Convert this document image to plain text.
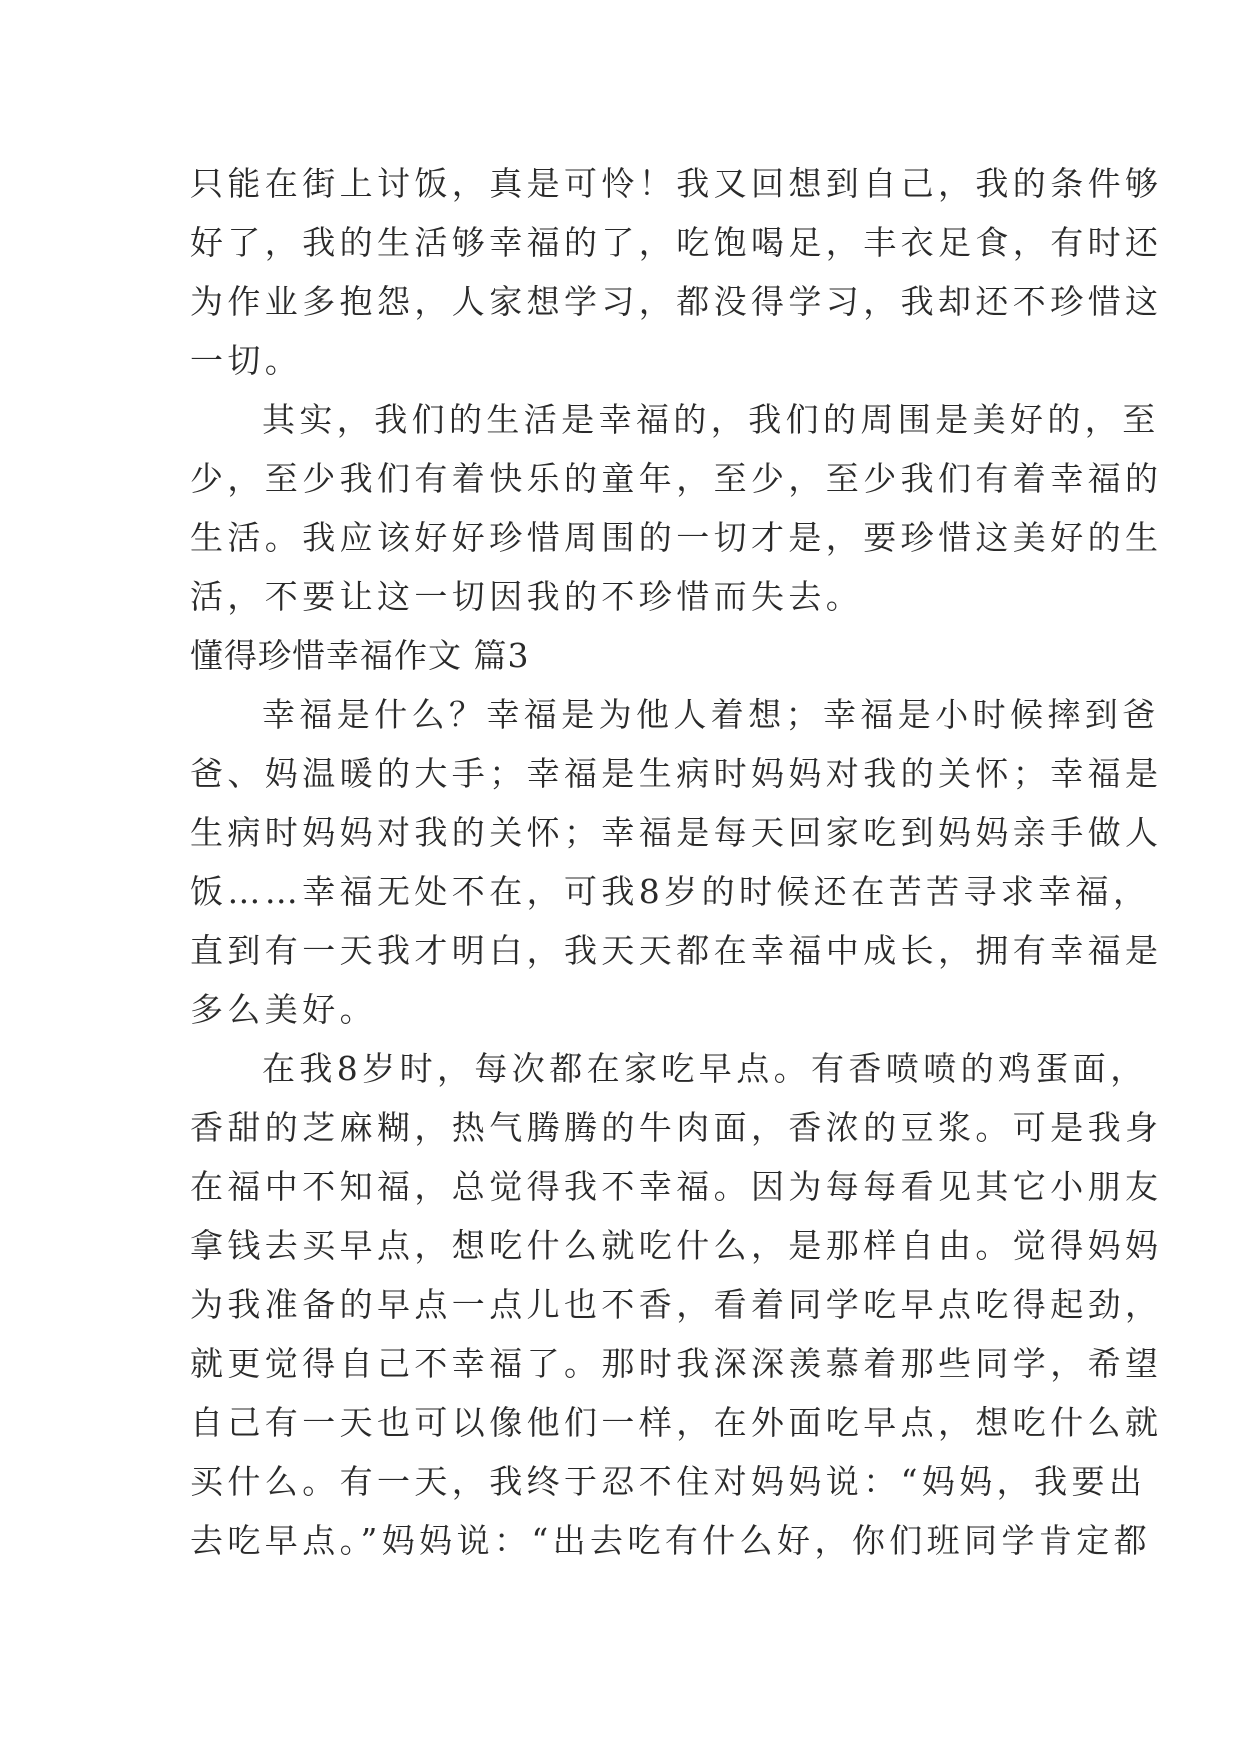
只能在街上讨饭，真是可怜！我又回想到自己，我的条件够
好了，我的生活够幸福的了，吃饱喝足，丰衣足食，有时还
为作业多抱怨，人家想学习，都没得学习，我却还不珍惜这
一切。
其实，我们的生活是幸福的，我们的周围是美好的，至
少，至少我们有着快乐的童年，至少，至少我们有着幸福的
生活。我应该好好珍惜周围的一切才是，要珍惜这美好的生
活，不要让这一切因我的不珍惜而失去。
懂得珍惜幸福作文 篇3
幸福是什么？幸福是为他人着想；幸福是小时候摔到爸
爸、妈温暖的大手；幸福是生病时妈妈对我的关怀；幸福是
生病时妈妈对我的关怀；幸福是每天回家吃到妈妈亲手做人
饭……幸福无处不在，可我8岁的时候还在苦苦寻求幸福，
直到有一天我才明白，我天天都在幸福中成长，拥有幸福是
多么美好。
在我8岁时，每次都在家吃早点。有香喷喷的鸡蛋面，
香甜的芝麻糊，热气腾腾的牛肉面，香浓的豆浆。可是我身
在福中不知福，总觉得我不幸福。因为每每看见其它小朋友
拿钱去买早点，想吃什么就吃什么，是那样自由。觉得妈妈
为我准备的早点一点儿也不香，看着同学吃早点吃得起劲，
就更觉得自己不幸福了。那时我深深羡慕着那些同学，希望
自己有一天也可以像他们一样，在外面吃早点，想吃什么就
买什么。有一天，我终于忍不住对妈妈说：“妈妈，我要出
去吃早点。”妈妈说：“出去吃有什么好，你们班同学肯定都
